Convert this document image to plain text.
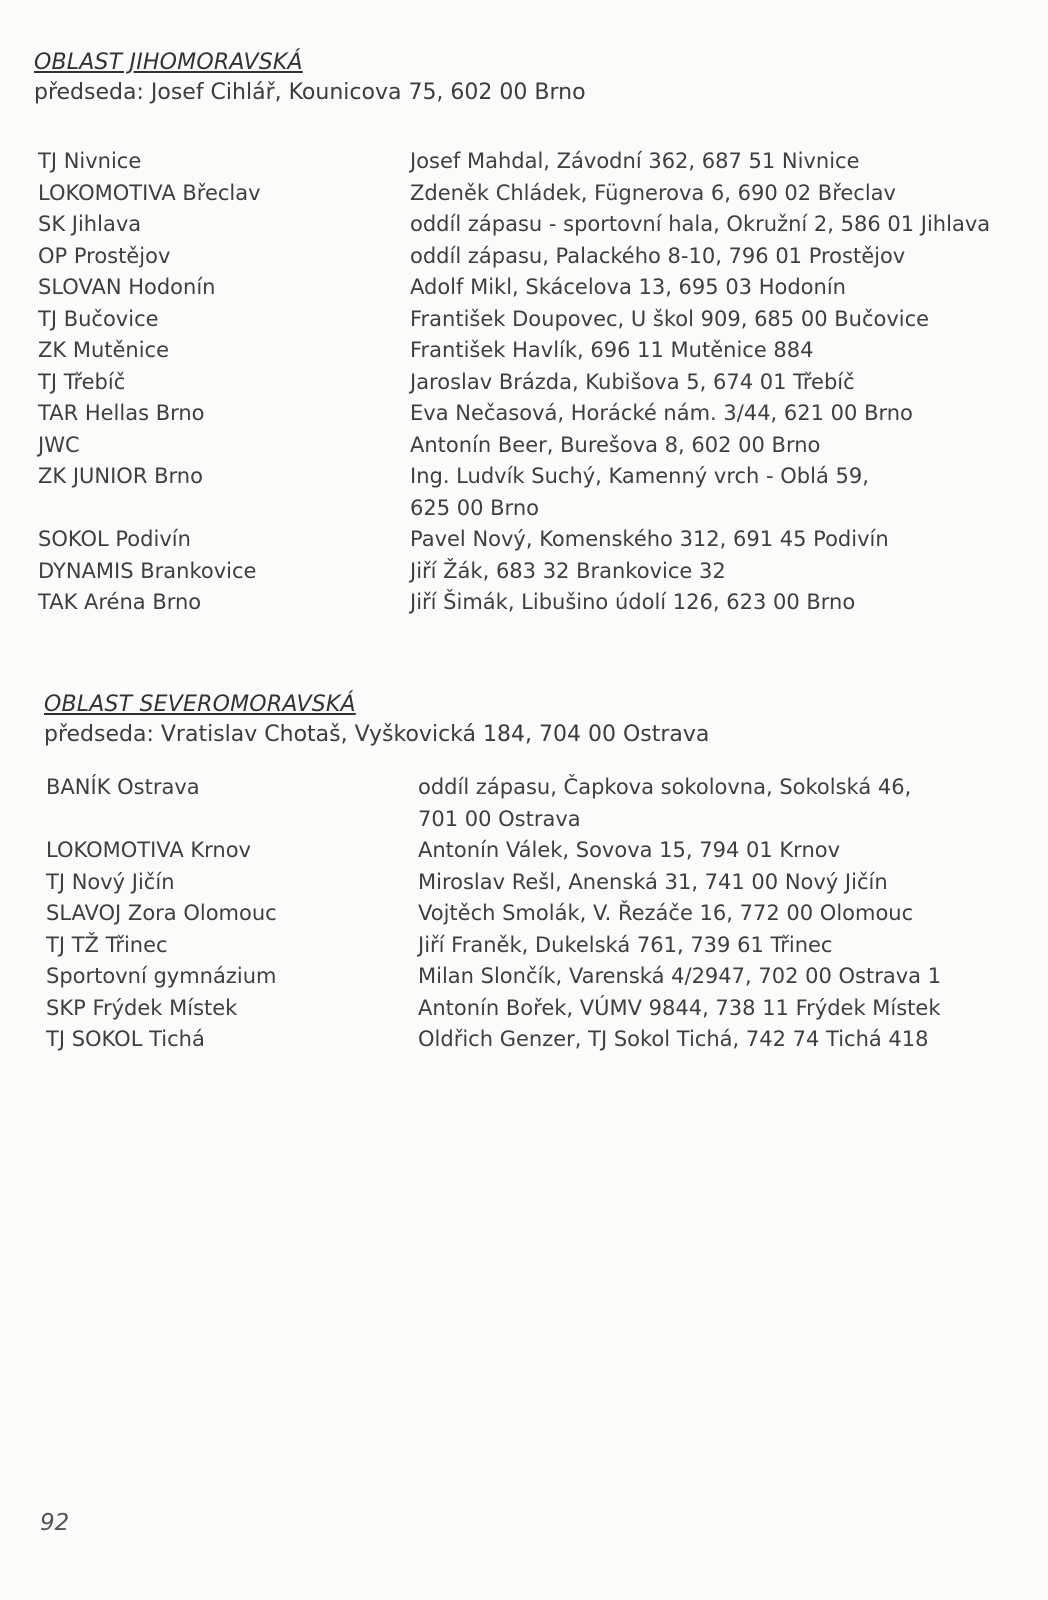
OBLAST JIHOMORAVSKÁ
předseda: Josef Cihlář, Kounicova 75, 602 00 Brno
TJ Nivnice	Josef Mahdal, Závodní 362, 687 51 Nivnice
LOKOMOTIVA Břeclav	Zdeněk Chládek, Fügnerova 6, 690 02 Břeclav
SK Jihlava	oddíl zápasu - sportovní hala, Okružní 2, 586 01 Jihlava
OP Prostějov	oddíl zápasu, Palackého 8-10, 796 01 Prostějov
SLOVAN Hodonín	Adolf Mikl, Skácelova 13, 695 03 Hodonín
TJ Bučovice	František Doupovec, U škol 909, 685 00 Bučovice
ZK Mutěnice	František Havlík, 696 11 Mutěnice 884
TJ Třebíč	Jaroslav Brázda, Kubišova 5, 674 01 Třebíč
TAR Hellas Brno	Eva Nečasová, Horácké nám. 3/44, 621 00 Brno
JWC	Antonín Beer, Burešova 8, 602 00 Brno
ZK JUNIOR Brno	Ing. Ludvík Suchý, Kamenný vrch - Oblá 59,
625 00 Brno
SOKOL Podivín	Pavel Nový, Komenského 312, 691 45 Podivín
DYNAMIS Brankovice	Jiří Žák, 683 32 Brankovice 32
TAK Aréna Brno	Jiří Šimák, Libušino údolí 126, 623 00 Brno
OBLAST SEVEROMORAVSKÁ
předseda: Vratislav Chotaš, Vyškovická 184, 704 00 Ostrava
BANÍK Ostrava	oddíl zápasu, Čapkova sokolovna, Sokolská 46,
701 00 Ostrava
LOKOMOTIVA Krnov	Antonín Válek, Sovova 15, 794 01 Krnov
TJ Nový Jičín	Miroslav Rešl, Anenská 31, 741 00 Nový Jičín
SLAVOJ Zora Olomouc	Vojtěch Smolák, V. Řezáče 16, 772 00 Olomouc
TJ TŽ Třinec	Jiří Franěk, Dukelská 761, 739 61 Třinec
Sportovní gymnázium	Milan Slončík, Varenská 4/2947, 702 00 Ostrava 1
SKP Frýdek Místek	Antonín Bořek, VÚMV 9844, 738 11 Frýdek Místek
TJ SOKOL Tichá	Oldřich Genzer, TJ Sokol Tichá, 742 74 Tichá 418
92
